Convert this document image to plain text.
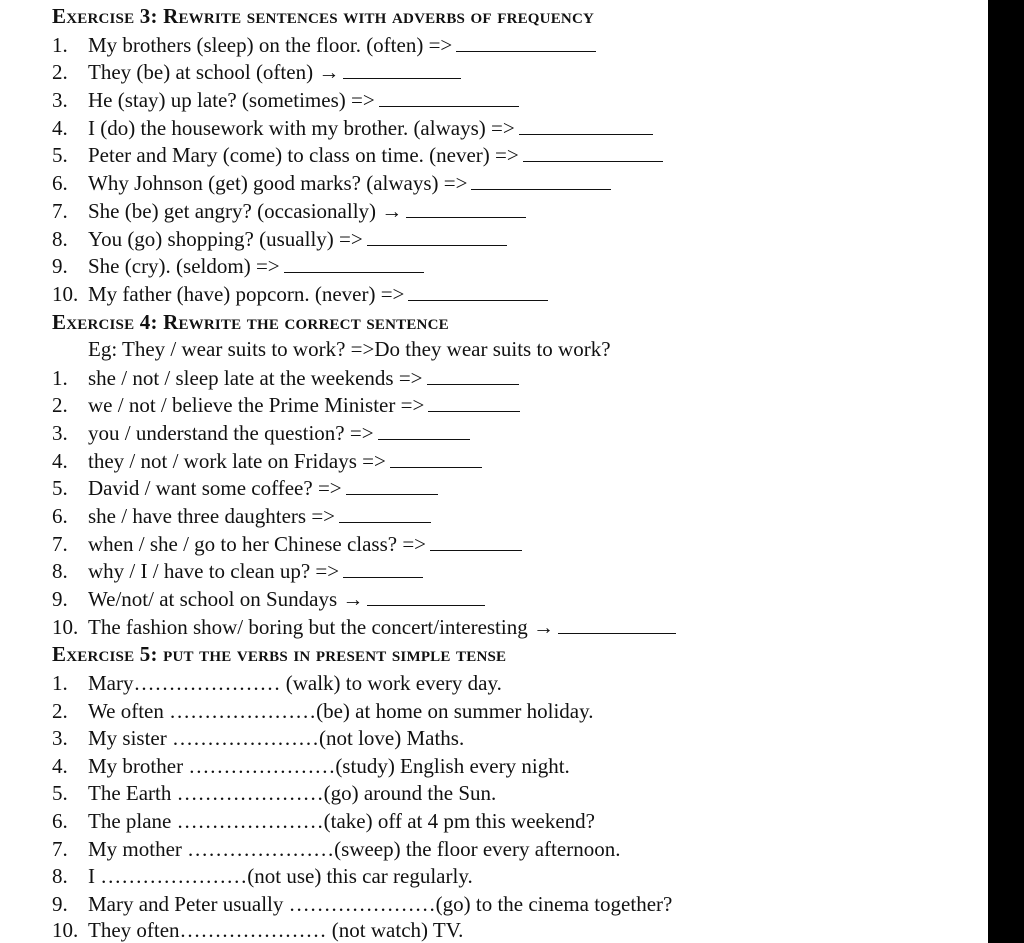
Exercise 3: Rewrite sentences with adverbs of frequency
1. My brothers (sleep) on the floor. (often) =>
2. They (be) at school (often) →
3. He (stay) up late? (sometimes) =>
4. I (do) the housework with my brother. (always) =>
5. Peter and Mary (come) to class on time. (never) =>
6. Why Johnson (get) good marks? (always) =>
7. She (be) get angry? (occasionally) →
8. You (go) shopping? (usually) =>
9. She (cry). (seldom) =>
10. My father (have) popcorn. (never) =>
Exercise 4: Rewrite the correct sentence
Eg: They / wear suits to work? =>Do they wear suits to work?
1. she / not / sleep late at the weekends =>
2. we / not / believe the Prime Minister =>
3. you / understand the question? =>
4. they / not / work late on Fridays =>
5. David / want some coffee? =>
6. she / have three daughters =>
7. when / she / go to her Chinese class? =>
8. why / I / have to clean up? =>
9. We/not/ at school on Sundays →
10. The fashion show/ boring but the concert/interesting →
Exercise 5: put the verbs in present simple tense
1. Mary………………… (walk) to work every day.
2. We often …………………(be) at home on summer holiday.
3. My sister …………………(not love) Maths.
4. My brother …………………(study) English every night.
5. The Earth …………………(go) around the Sun.
6. The plane …………………(take) off at 4 pm this weekend?
7. My mother …………………(sweep) the floor every afternoon.
8. I …………………(not use) this car regularly.
9. Mary and Peter usually …………………(go) to the cinema together?
10. They often………………… (not watch) TV.
